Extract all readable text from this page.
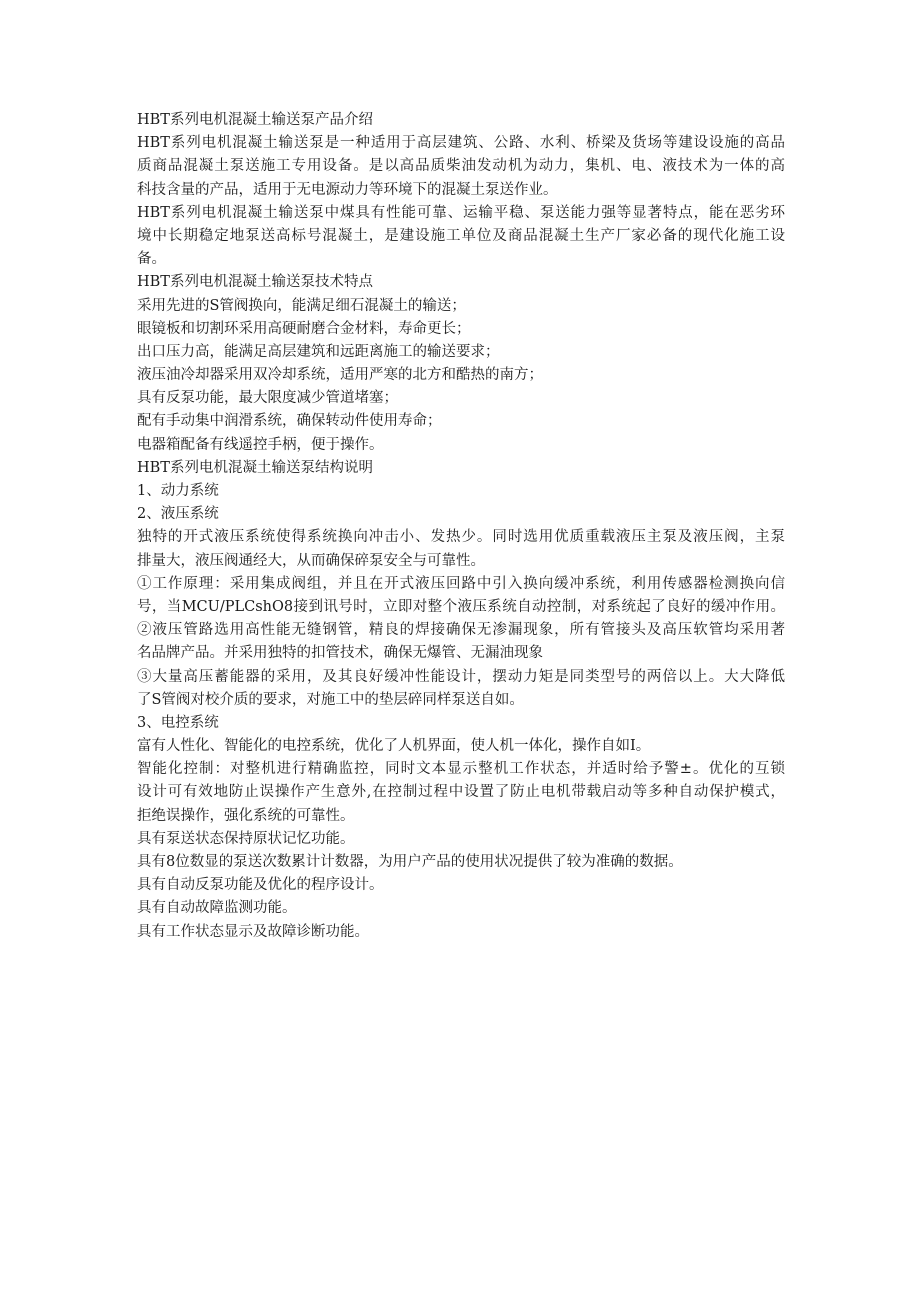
HBT系列电机混凝土输送泵产品介绍

HBT系列电机混凝土输送泵是一种适用于高层建筑、公路、水利、桥梁及货场等建设设施的高品

质商品混凝土泵送施工专用设备。是以高品质柴油发动机为动力，集机、电、液技术为一体的高

科技含量的产品，适用于无电源动力等环境下的混凝土泵送作业。

HBT系列电机混凝土输送泵中煤具有性能可靠、运输平稳、泵送能力强等显著特点，能在恶劣环

境中长期稳定地泵送高标号混凝土，是建设施工单位及商品混凝土生产厂家必备的现代化施工设

备。

HBT系列电机混凝土输送泵技术特点

采用先进的S管阀换向，能满足细石混凝土的输送；

眼镜板和切割环采用高硬耐磨合金材料，寿命更长；

出口压力高，能满足高层建筑和远距离施工的输送要求；

液压油冷却器采用双冷却系统，适用严寒的北方和酷热的南方；

具有反泵功能，最大限度减少管道堵塞；

配有手动集中润滑系统，确保转动件使用寿命；

电器箱配备有线遥控手柄，便于操作。

HBT系列电机混凝土输送泵结构说明

1、动力系统

2、液压系统

独特的开式液压系统使得系统换向冲击小、发热少。同时选用优质重载液压主泵及液压阀，主泵

排量大，液压阀通经大，从而确保碎泵安全与可靠性。

①工作原理：采用集成阀组，并且在开式液压回路中引入换向缓冲系统，利用传感器检测换向信

号，当MCU/PLCshO8接到讯号时，立即对整个液压系统自动控制，对系统起了良好的缓冲作用。

②液压管路选用高性能无缝钢管，精良的焊接确保无渗漏现象，所有管接头及高压软管均采用著

名品牌产品。并采用独特的扣管技术，确保无爆管、无漏油现象

③大量高压蓄能器的采用，及其良好缓冲性能设计，摆动力矩是同类型号的两倍以上。大大降低

了S管阀对校介质的要求，对施工中的垫层碎同样泵送自如。

3、电控系统

富有人性化、智能化的电控系统，优化了人机界面，使人机一体化，操作自如I。

智能化控制：对整机进行精确监控，同时文本显示整机工作状态，并适时给予警±。优化的互锁

设计可有效地防止误操作产生意外,在控制过程中设置了防止电机带载启动等多种自动保护模式，

拒绝误操作，强化系统的可靠性。

具有泵送状态保持原状记忆功能。

具有8位数显的泵送次数累计计数器，为用户产品的使用状况提供了较为准确的数据。

具有自动反泵功能及优化的程序设计。

具有自动故障监测功能。

具有工作状态显示及故障诊断功能。
